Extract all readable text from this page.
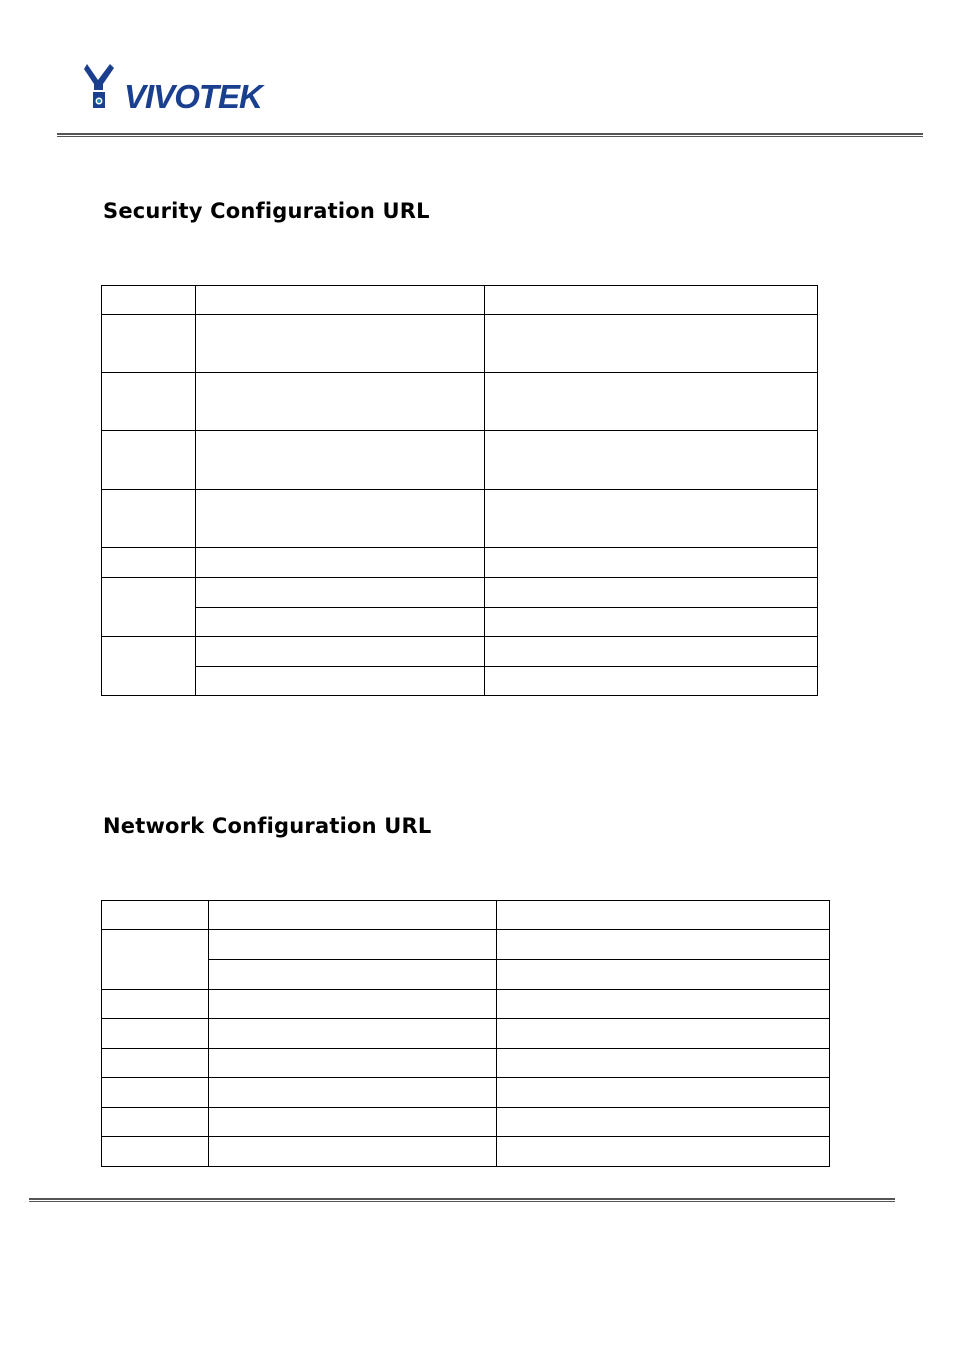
VIVOTEK
Security Configuration URL

Network Configuration URL
